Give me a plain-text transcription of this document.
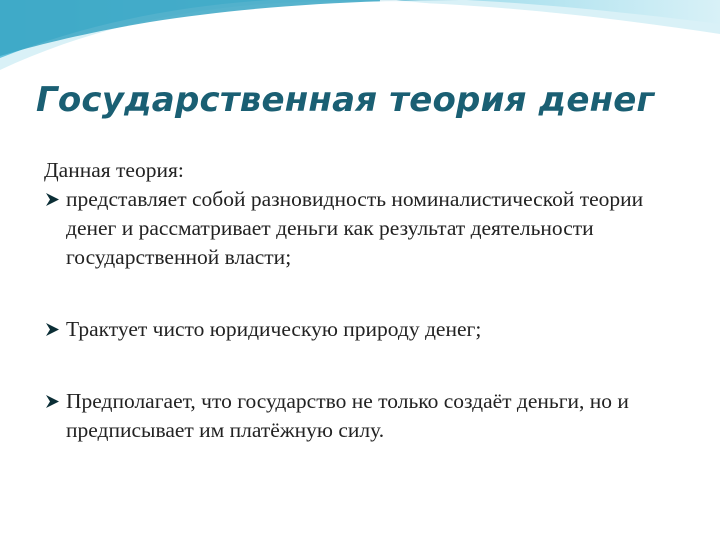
Государственная теория денег

Данная теория:

представляет собой разновидность номиналистической теории денег и рассматривает деньги как результат деятельности государственной власти;
Трактует чисто юридическую природу денег;
Предполагает, что государство не только создаёт деньги, но и предписывает им платёжную силу.
